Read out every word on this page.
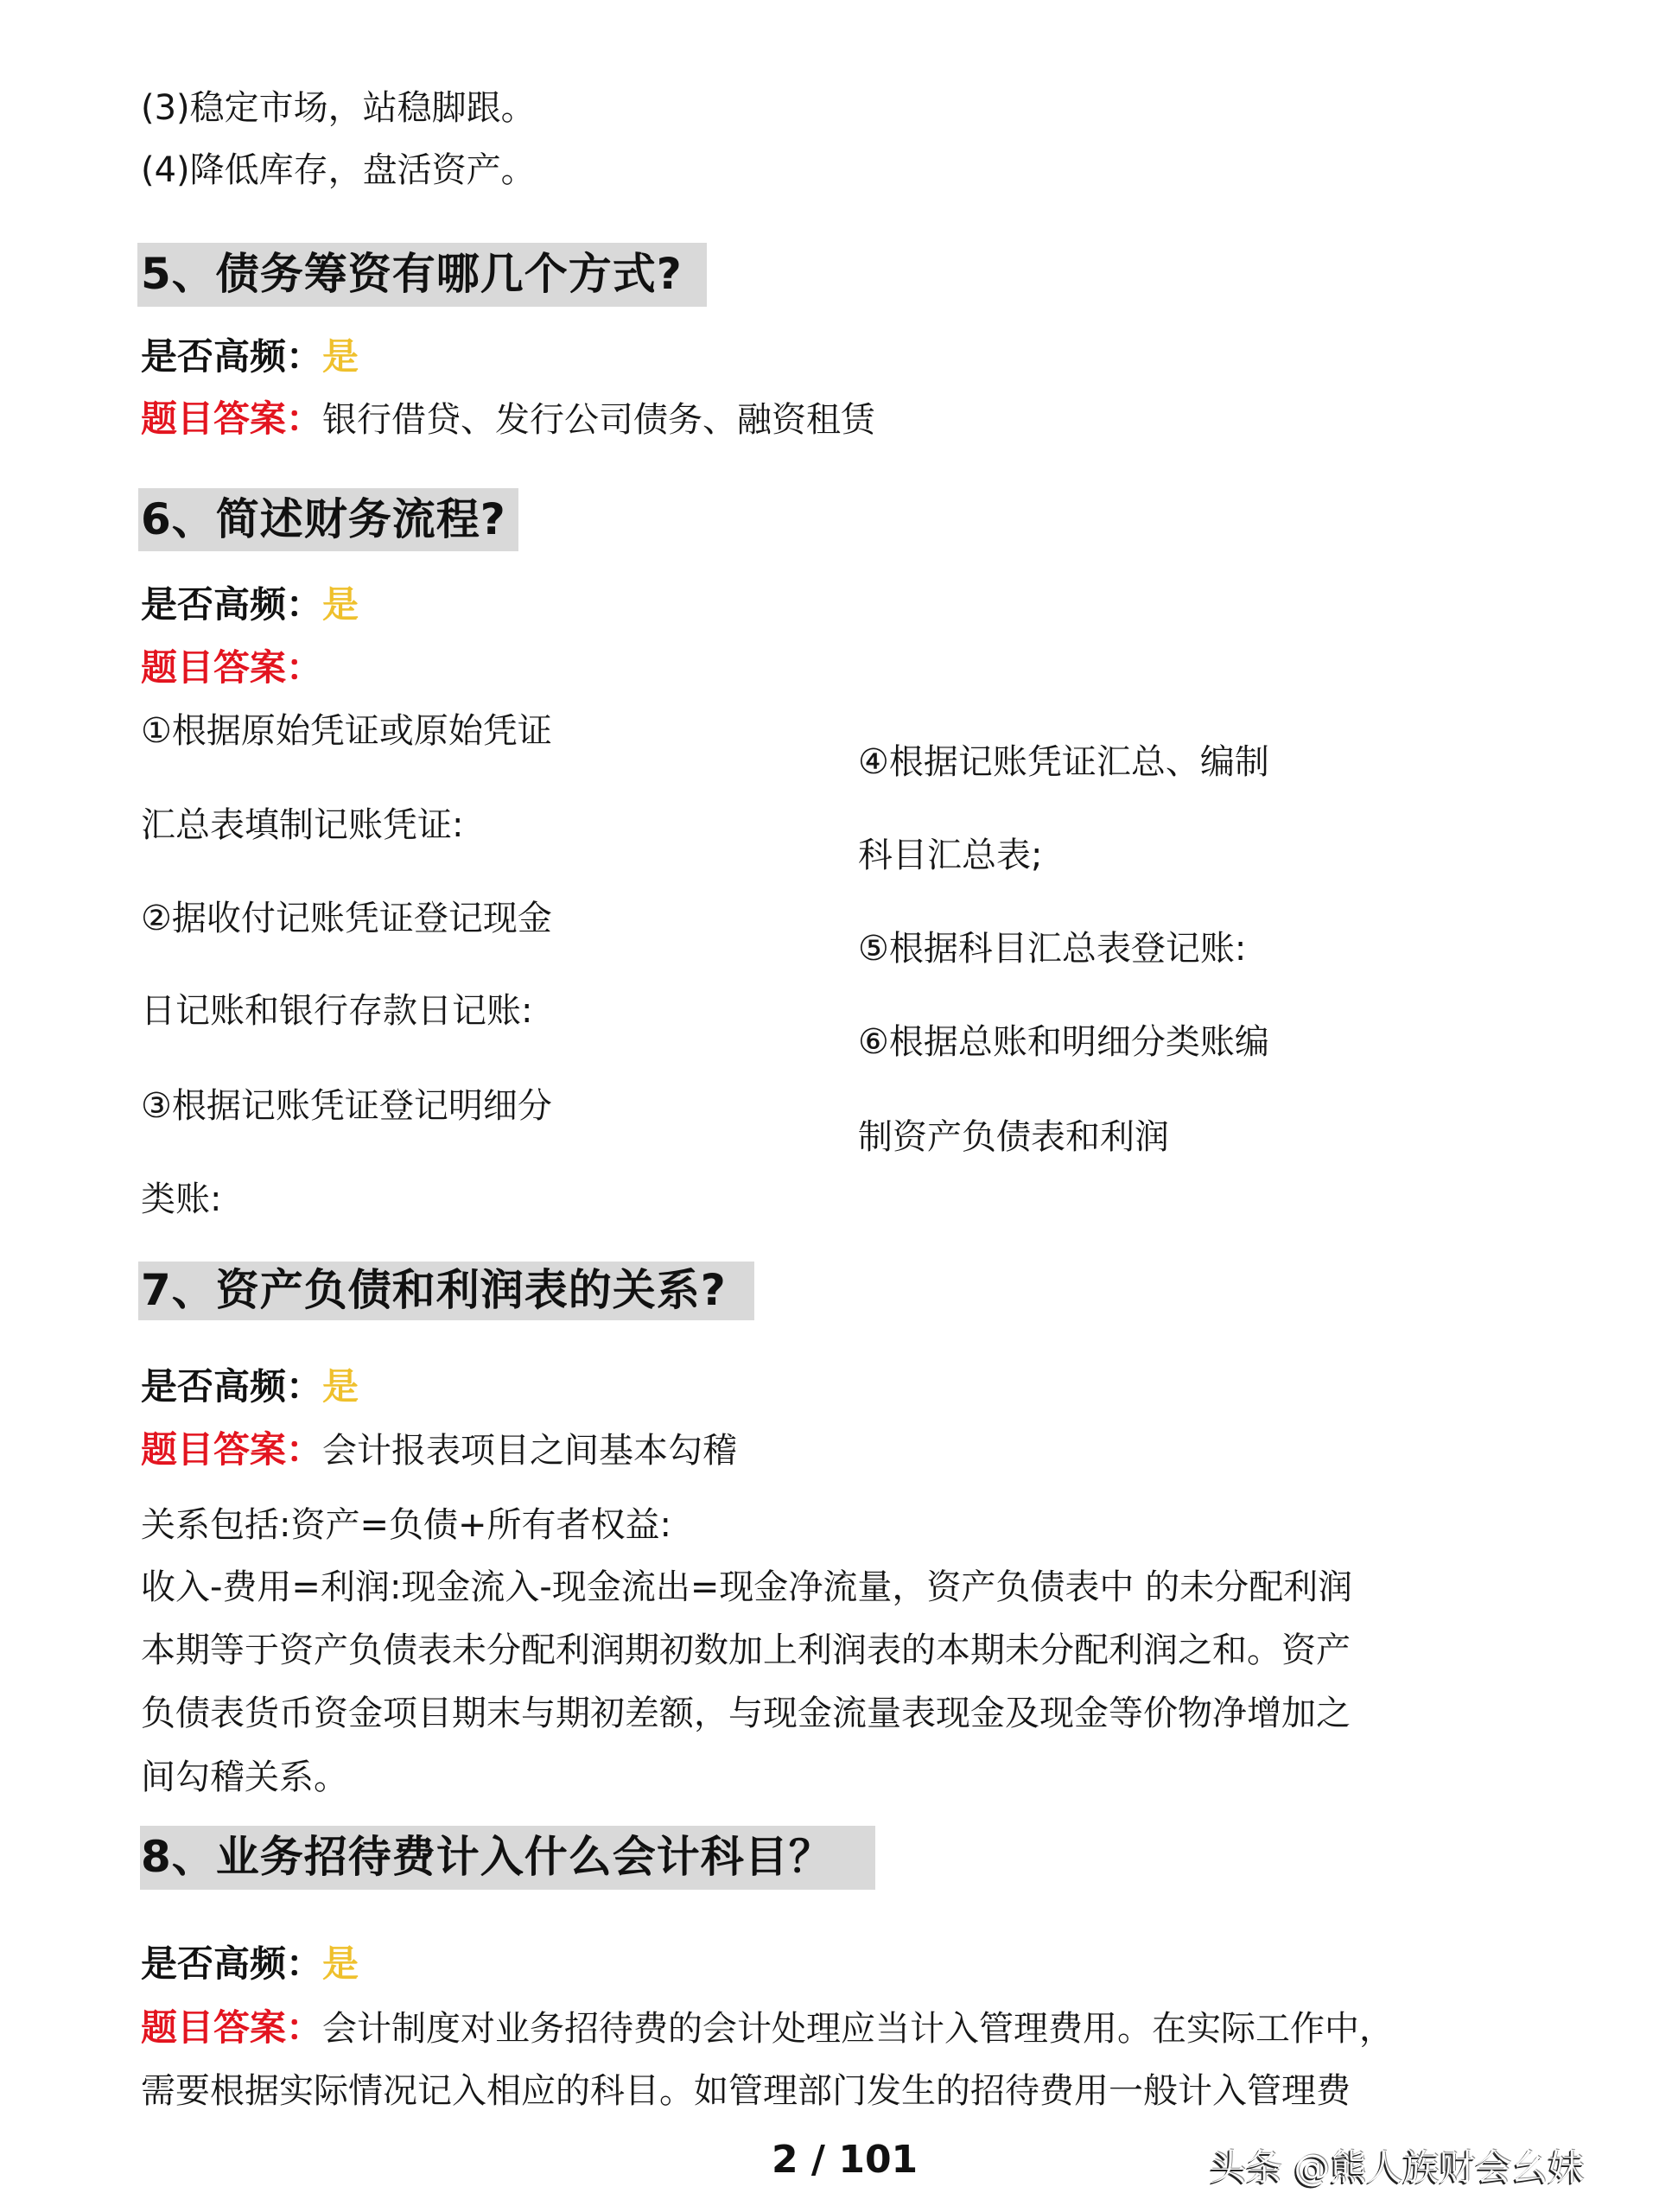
(3)稳定市场，站稳脚跟。
(4)降低库存，盘活资产。
5、债务筹资有哪几个方式?
是否高频：是
题目答案：银行借贷、发行公司债务、融资租赁
6、简述财务流程?
是否高频：是
题目答案：
①根据原始凭证或原始凭证
汇总表填制记账凭证:
②据收付记账凭证登记现金
日记账和银行存款日记账:
③根据记账凭证登记明细分
类账:
④根据记账凭证汇总、编制
科目汇总表;
⑤根据科目汇总表登记账:
⑥根据总账和明细分类账编
制资产负债表和利润
7、资产负债和利润表的关系?
是否高频：是
题目答案：会计报表项目之间基本勾稽
关系包括:资产=负债+所有者权益:
收入-费用=利润:现金流入-现金流出=现金净流量，资产负债表中 的未分配利润
本期等于资产负债表未分配利润期初数加上利润表的本期未分配利润之和。资产
负债表货币资金项目期末与期初差额，与现金流量表现金及现金等价物净增加之
间勾稽关系。
8、业务招待费计入什么会计科目？
是否高频：是
题目答案：会计制度对业务招待费的会计处理应当计入管理费用。在实际工作中，
需要根据实际情况记入相应的科目。如管理部门发生的招待费用一般计入管理费
2 / 101	头条 @熊人族财会幺妹
